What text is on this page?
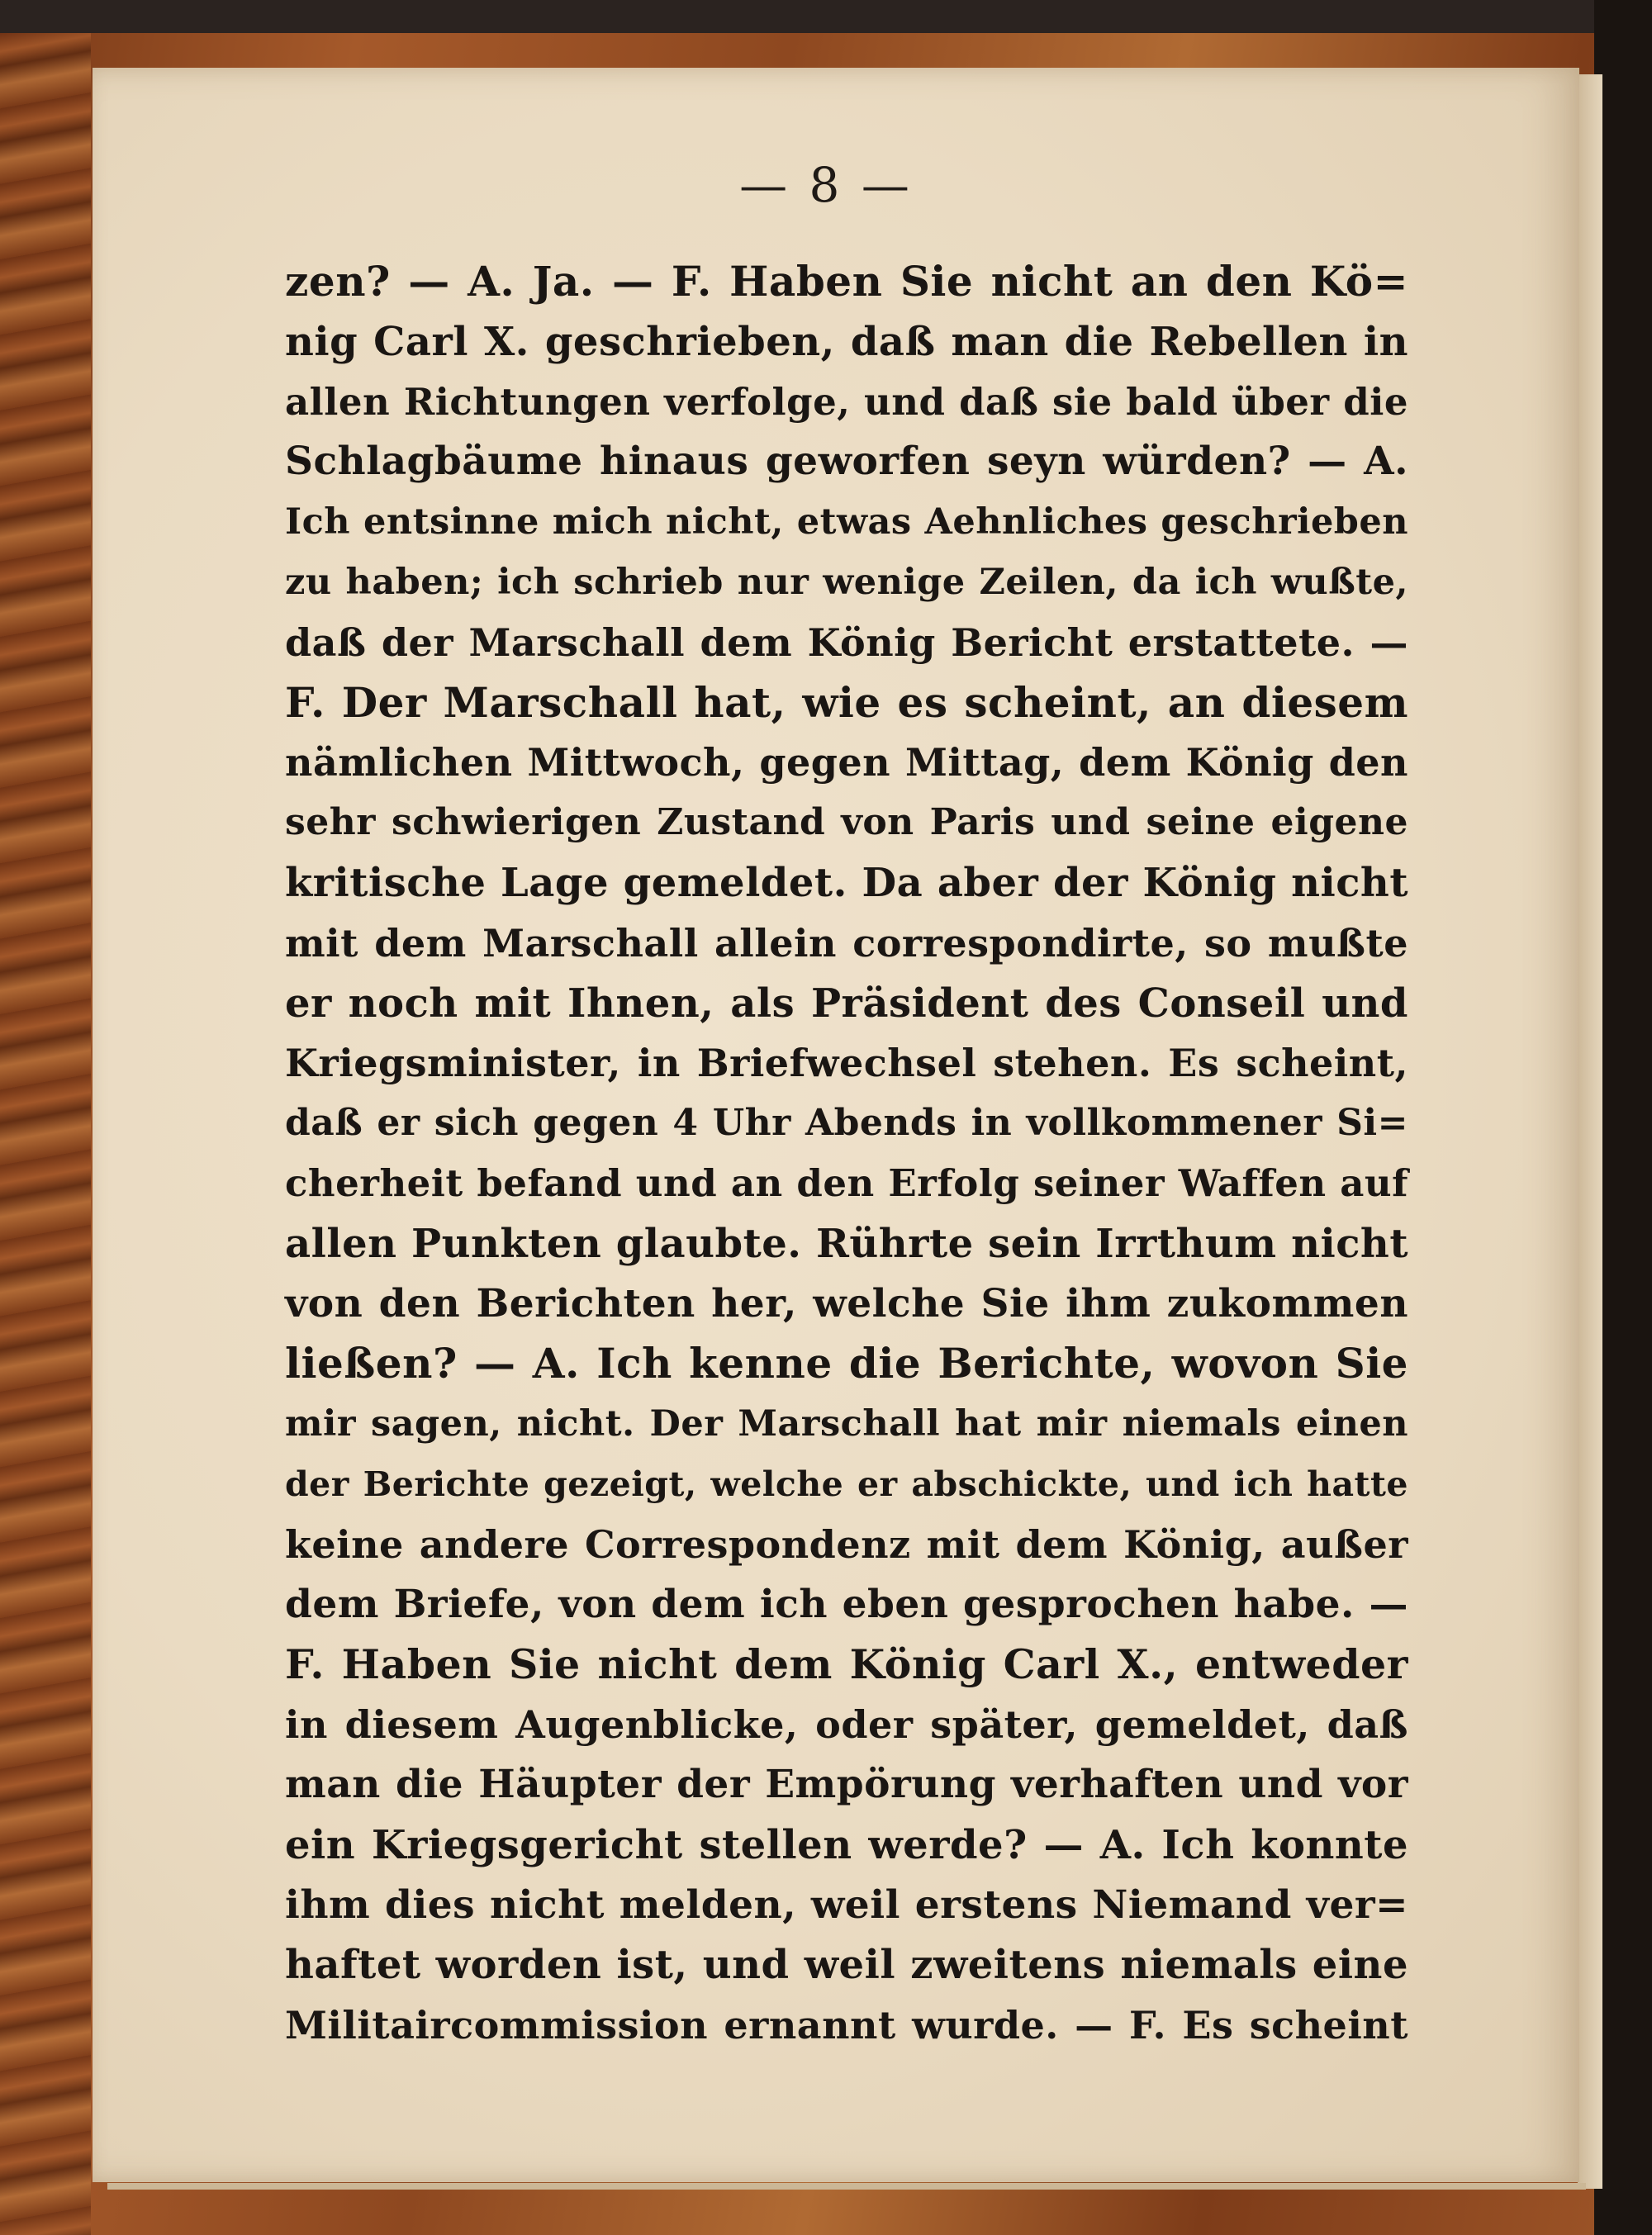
— 8 —
zen? — A. Ja. — F. Haben Sie nicht an den Kö=
nig Carl X. geschrieben, daß man die Rebellen in
allen Richtungen verfolge, und daß sie bald über die
Schlagbäume hinaus geworfen seyn würden? — A.
Ich entsinne mich nicht, etwas Aehnliches geschrieben
zu haben; ich schrieb nur wenige Zeilen, da ich wußte,
daß der Marschall dem König Bericht erstattete. —
F. Der Marschall hat, wie es scheint, an diesem
nämlichen Mittwoch, gegen Mittag, dem König den
sehr schwierigen Zustand von Paris und seine eigene
kritische Lage gemeldet. Da aber der König nicht
mit dem Marschall allein correspondirte, so mußte
er noch mit Ihnen, als Präsident des Conseil und
Kriegsminister, in Briefwechsel stehen. Es scheint,
daß er sich gegen 4 Uhr Abends in vollkommener Si=
cherheit befand und an den Erfolg seiner Waffen auf
allen Punkten glaubte. Rührte sein Irrthum nicht
von den Berichten her, welche Sie ihm zukommen
ließen? — A. Ich kenne die Berichte, wovon Sie
mir sagen, nicht. Der Marschall hat mir niemals einen
der Berichte gezeigt, welche er abschickte, und ich hatte
keine andere Correspondenz mit dem König, außer
dem Briefe, von dem ich eben gesprochen habe. —
F. Haben Sie nicht dem König Carl X., entweder
in diesem Augenblicke, oder später, gemeldet, daß
man die Häupter der Empörung verhaften und vor
ein Kriegsgericht stellen werde? — A. Ich konnte
ihm dies nicht melden, weil erstens Niemand ver=
haftet worden ist, und weil zweitens niemals eine
Militaircommission ernannt wurde. — F. Es scheint
